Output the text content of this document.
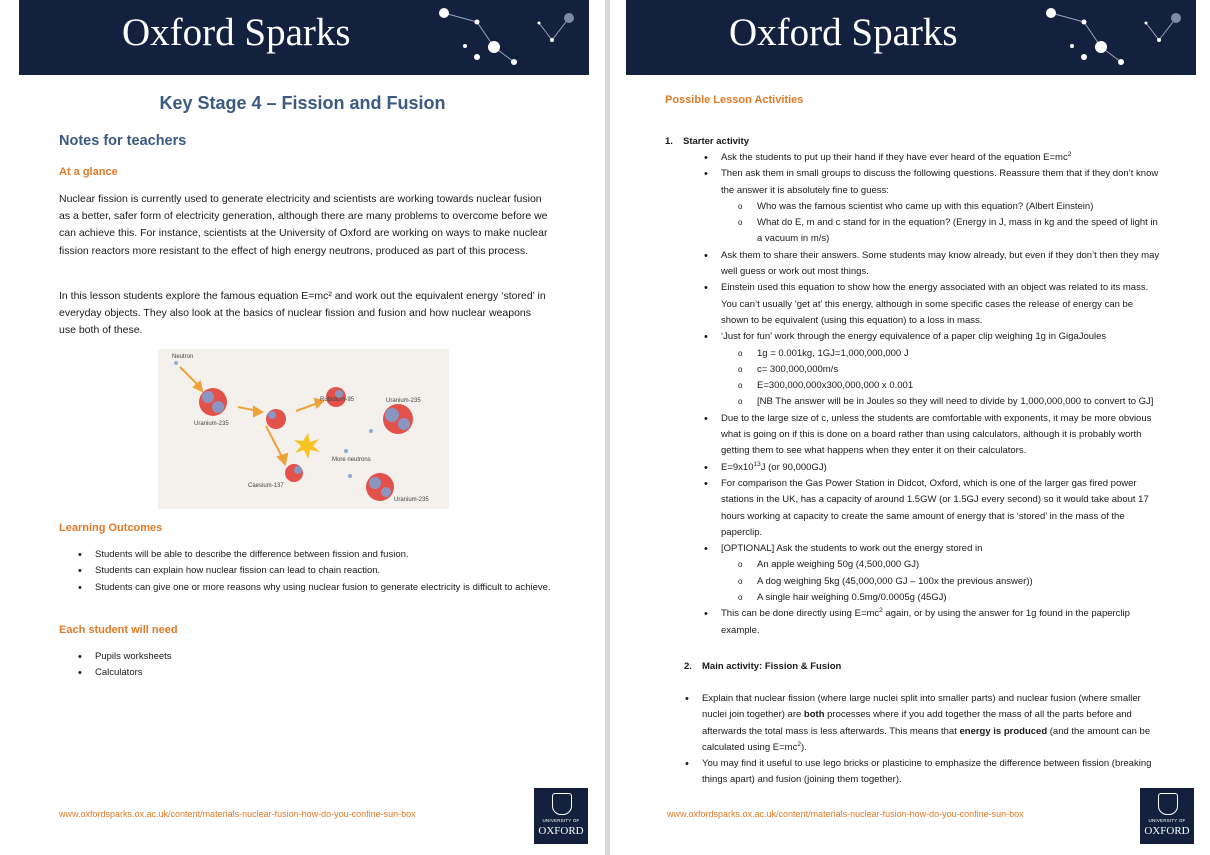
Oxford Sparks
Key Stage 4 – Fission and Fusion
Notes for teachers
At a glance

Nuclear fission is currently used to generate electricity and scientists are working towards nuclear fusion as a better, safer form of electricity generation, although there are many problems to overcome before we can achieve this. For instance, scientists at the University of Oxford are working on ways to make nuclear fission reactors more resistant to the effect of high energy neutrons, produced as part of this process.

In this lesson students explore the famous equation E=mc² and work out the equivalent energy ‘stored’ in everyday objects. They also look at the basics of nuclear fission and fusion and how nuclear weapons use both of these.

Neutron
Uranium-235
Rubidium-95	Uranium-235
More neutrons
Caesium-137
Uranium-235
Learning Outcomes
• Students will be able to describe the difference between fission and fusion.
• Students can explain how nuclear fission can lead to chain reaction.
• Students can give one or more reasons why using nuclear fusion to generate electricity is difficult to achieve.
Each student will need
• Pupils worksheets
• Calculators
www.oxfordsparks.ox.ac.uk/content/materials-nuclear-fusion-how-do-you-confine-sun-box
UNIVERSITY OF
OXFORD
Oxford Sparks
Possible Lesson Activities
1. Starter activity
• Ask the students to put up their hand if they have ever heard of the equation $E=mc^2$
• Then ask them in small groups to discuss the following questions. Reassure them that if they don’t know the answer it is absolutely fine to guess:
o Who was the famous scientist who came up with this equation? (Albert Einstein)
o What do E, m and c stand for in the equation? (Energy in J, mass in kg and the speed of light in a vacuum in m/s)
• Ask them to share their answers. Some students may know already, but even if they don’t then they may well guess or work out most things.
• Einstein used this equation to show how the energy associated with an object was related to its mass. You can’t usually ‘get at’ this energy, although in some specific cases the release of energy can be shown to be equivalent (using this equation) to a loss in mass.
• ‘Just for fun’ work through the energy equivalence of a paper clip weighing 1g in GigaJoules
o 1g = 0.001kg, 1GJ=1,000,000,000 J
o c= 300,000,000m/s
o E=300,000,000x300,000,000 x 0.001
o [NB The answer will be in Joules so they will need to divide by 1,000,000,000 to convert to GJ]
• Due to the large size of c, unless the students are comfortable with exponents, it may be more obvious what is going on if this is done on a board rather than using calculators, although it is probably worth getting them to see what happens when they enter it on their calculators.
• $E=9x10^{13}J$ (or 90,000GJ)
• For comparison the Gas Power Station in Didcot, Oxford, which is one of the larger gas fired power stations in the UK, has a capacity of around 1.5GW (or 1.5GJ every second) so it would take about 17 hours working at capacity to create the same amount of energy that is ‘stored’ in the mass of the paperclip.
• [OPTIONAL] Ask the students to work out the energy stored in
o An apple weighing 50g (4,500,000 GJ)
o A dog weighing 5kg (45,000,000 GJ – 100x the previous answer))
o A single hair weighing 0.5mg/0.0005g (45GJ)
• This can be done directly using $E=mc^2$ again, or by using the answer for 1g found in the paperclip example.
2. Main activity: Fission & Fusion
• Explain that nuclear fission (where large nuclei split into smaller parts) and nuclear fusion (where smaller nuclei join together) are both processes where if you add together the mass of all the parts before and afterwards the total mass is less afterwards. This means that energy is produced (and the amount can be calculated using $E=mc^2$).
• You may find it useful to use lego bricks or plasticine to emphasize the difference between fission (breaking things apart) and fusion (joining them together).
www.oxfordsparks.ox.ac.uk/content/materials-nuclear-fusion-how-do-you-confine-sun-box
UNIVERSITY OF
OXFORD
